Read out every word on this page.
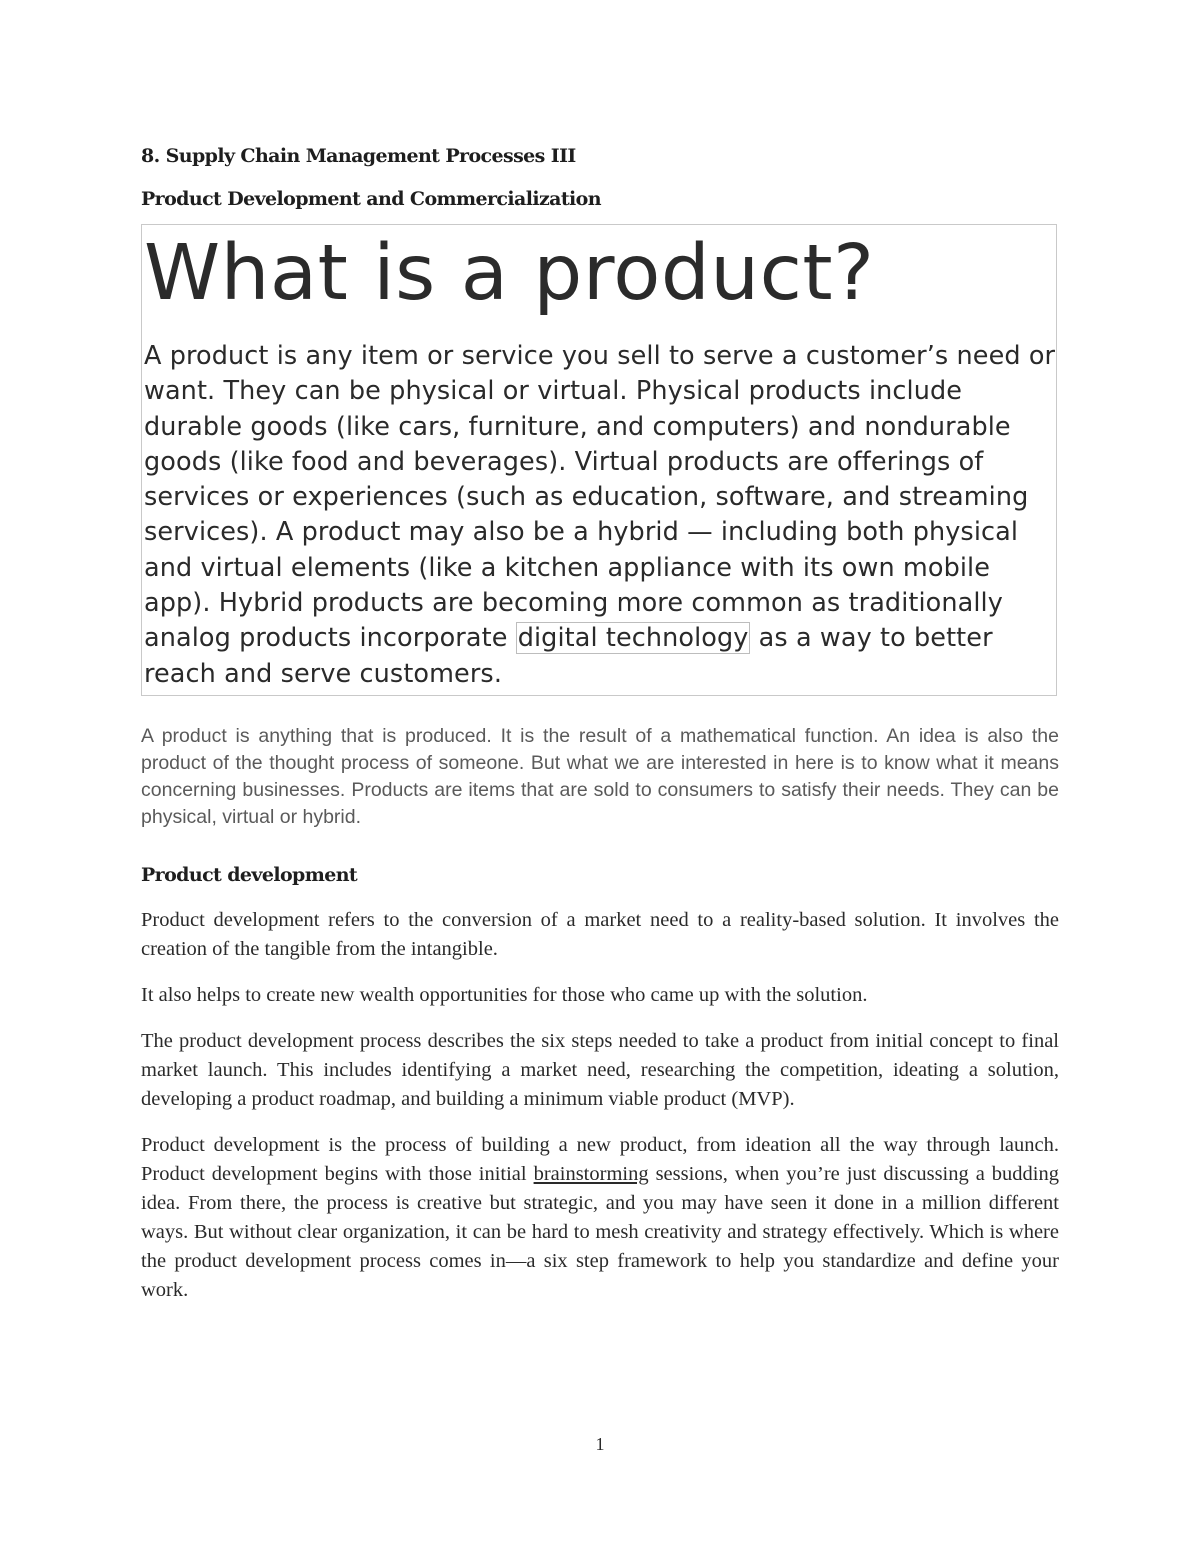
8. Supply Chain Management Processes III

Product Development and Commercialization

What is a product?

A product is any item or service you sell to serve a customer’s need or want. They can be physical or virtual. Physical products include durable goods (like cars, furniture, and computers) and nondurable goods (like food and beverages). Virtual products are offerings of services or experiences (such as education, software, and streaming services). A product may also be a hybrid — including both physical and virtual elements (like a kitchen appliance with its own mobile app). Hybrid products are becoming more common as traditionally analog products incorporate digital technology as a way to better reach and serve customers.

A product is anything that is produced. It is the result of a mathematical function. An idea is also the product of the thought process of someone. But what we are interested in here is to know what it means concerning businesses. Products are items that are sold to consumers to satisfy their needs. They can be physical, virtual or hybrid.

Product development

Product development refers to the conversion of a market need to a reality-based solution. It involves the creation of the tangible from the intangible.

It also helps to create new wealth opportunities for those who came up with the solution.

The product development process describes the six steps needed to take a product from initial concept to final market launch. This includes identifying a market need, researching the competition, ideating a solution, developing a product roadmap, and building a minimum viable product (MVP).

Product development is the process of building a new product, from ideation all the way through launch. Product development begins with those initial brainstorming sessions, when you’re just discussing a budding idea. From there, the process is creative but strategic, and you may have seen it done in a million different ways. But without clear organization, it can be hard to mesh creativity and strategy effectively. Which is where the product development process comes in—a six step framework to help you standardize and define your work.

1
